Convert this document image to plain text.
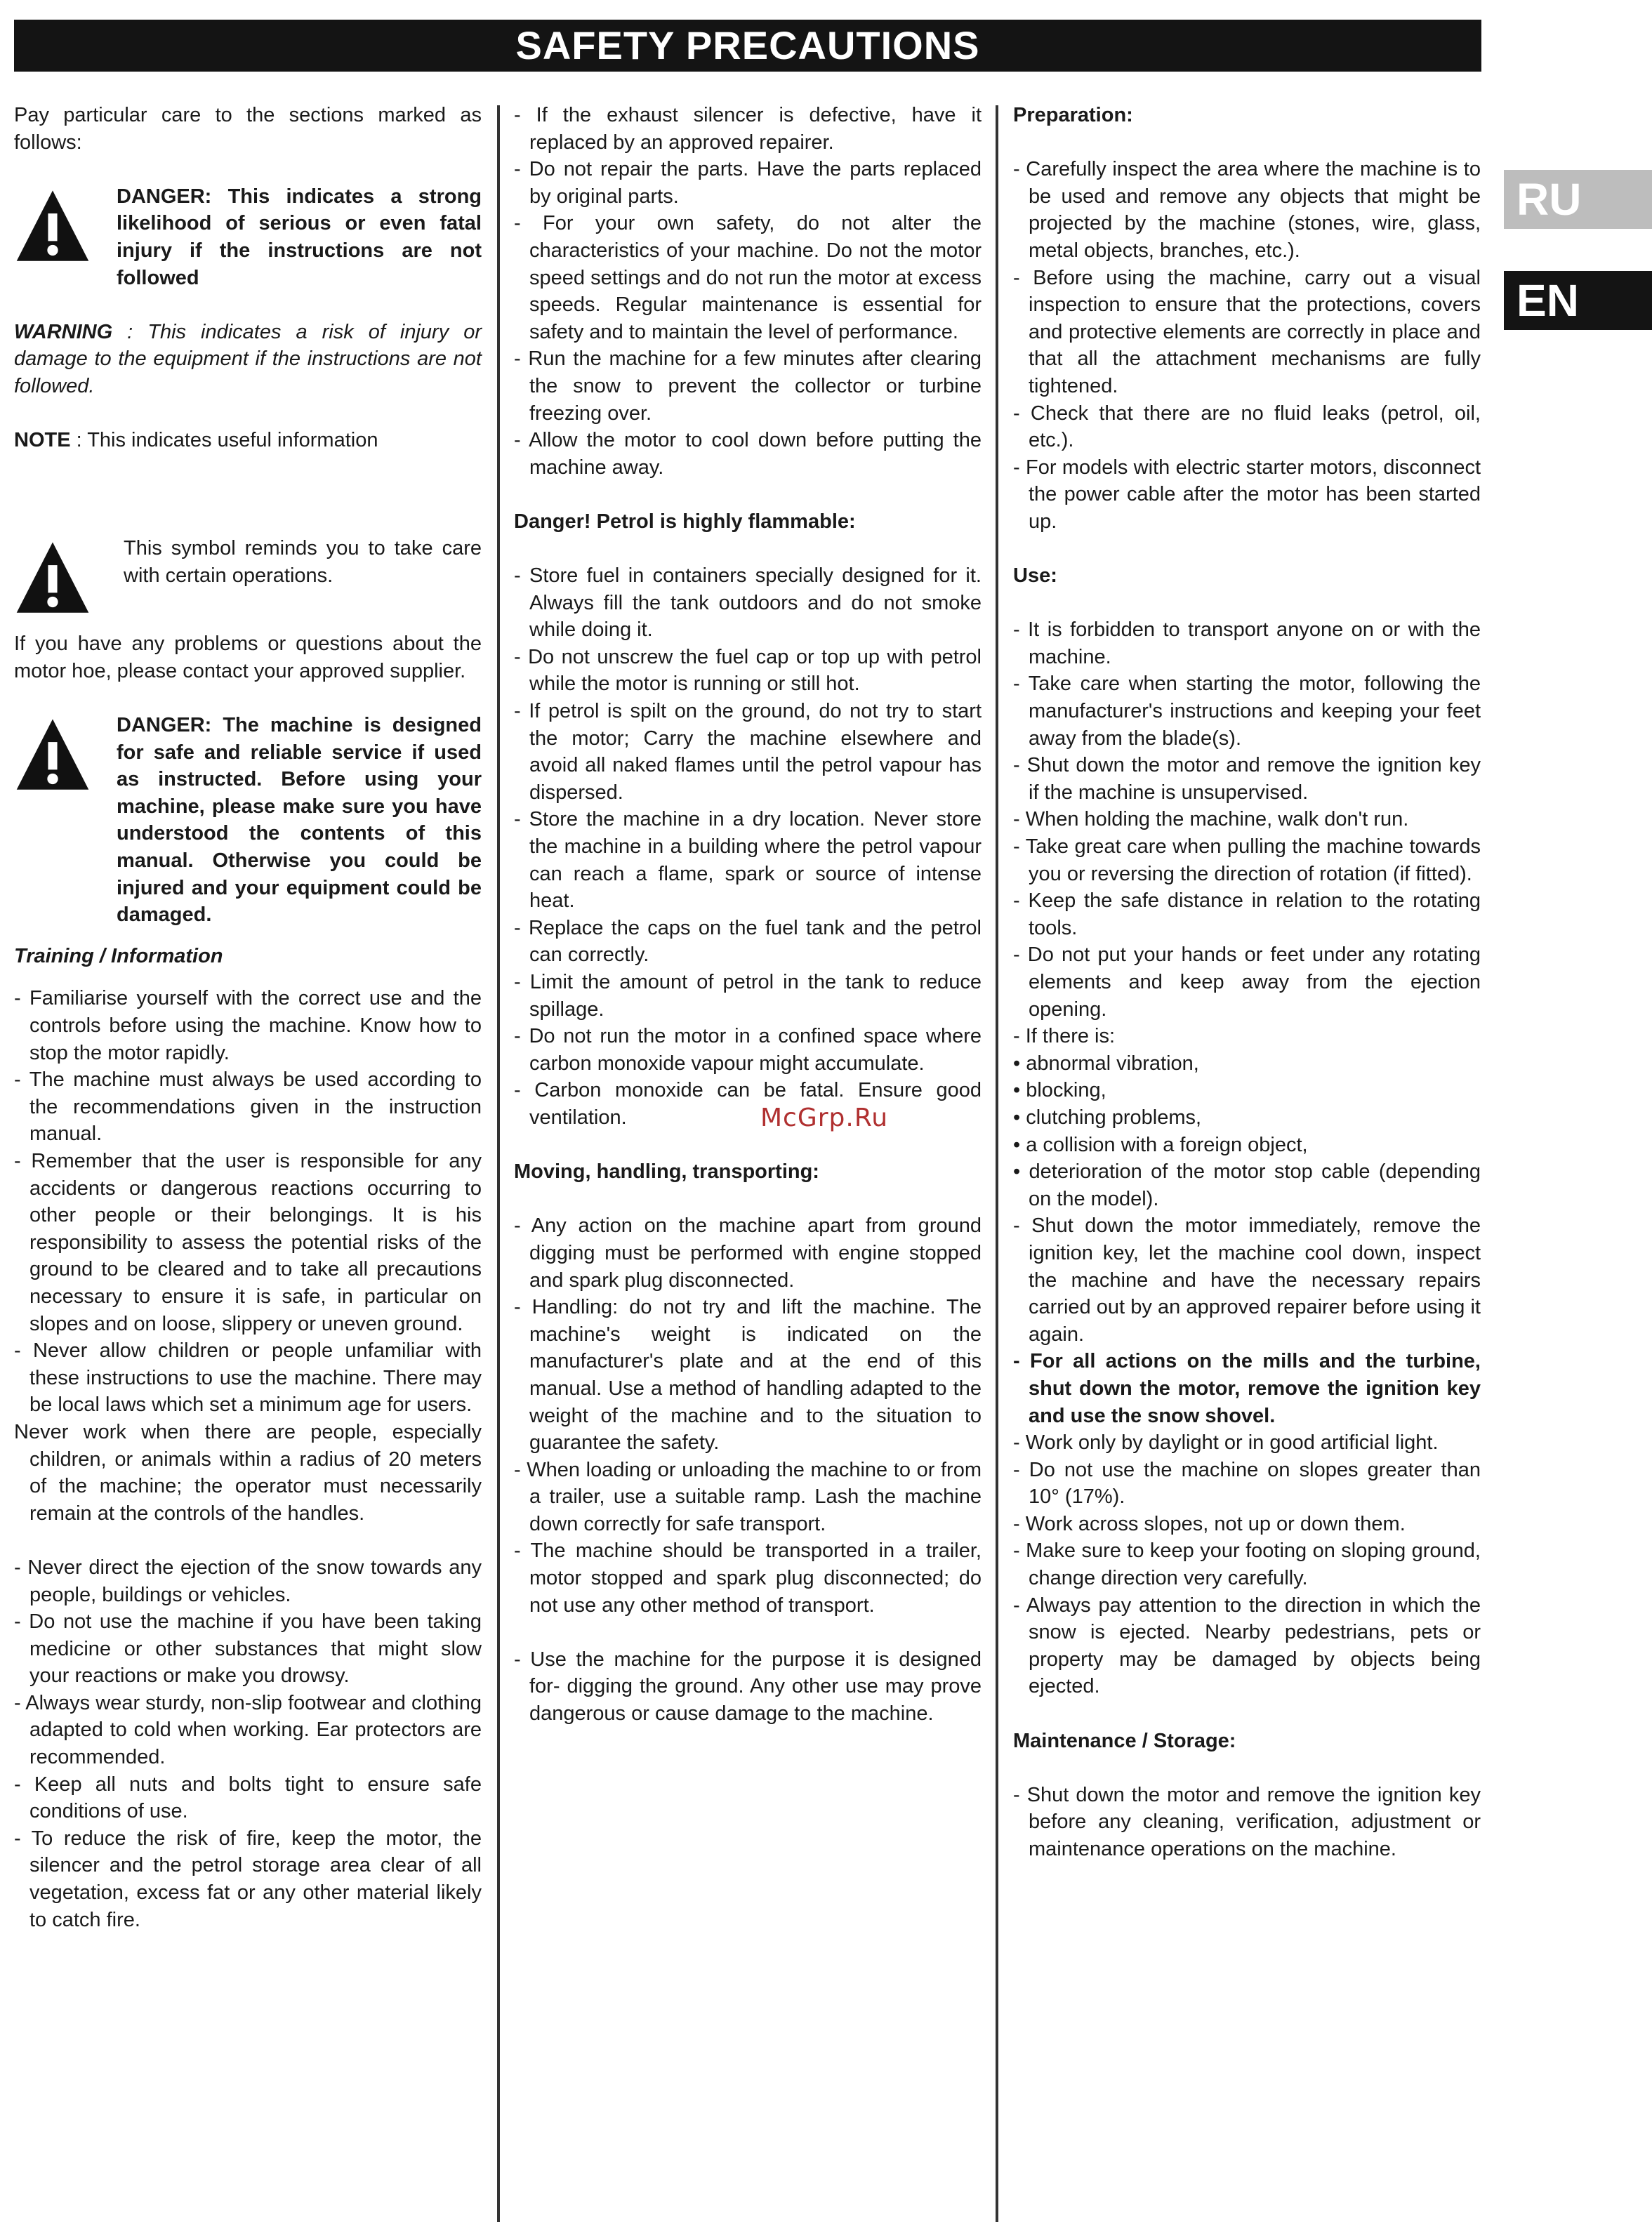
SAFETY PRECAUTIONS
RU
EN

Pay particular care to the sections marked as follows:

DANGER: This indicates a strong likelihood of serious or even fatal injury if the instructions are not followed

WARNING : This indicates a risk of injury or damage to the equipment if the instructions are not followed.

NOTE : This indicates useful information

This symbol reminds you to take care with certain operations.

If you have any problems or questions about the motor hoe, please contact your approved supplier.

DANGER: The machine is designed for safe and reliable service if used as instructed. Before using your machine, please make sure you have understood the contents of this manual. Otherwise you could be injured and your equipment could be damaged.

Training / Information

- Familiarise yourself with the correct use and the controls before using the machine. Know how to stop the motor rapidly.

- The machine must always be used according to the recommendations given in the instruction manual.

- Remember that the user is responsible for any accidents or dangerous reactions occurring to other people or their belongings. It is his responsibility to assess the potential risks of the ground to be cleared and to take all precautions necessary to ensure it is safe, in particular on slopes and on loose, slippery or uneven ground.

- Never allow children or people unfamiliar with these instructions to use the machine. There may be local laws which set a minimum age for users.

Never work when there are people, especially children, or animals within a radius of 20 meters of the machine; the operator must necessarily remain at the controls of the handles.

- Never direct the ejection of the snow towards any people, buildings or vehicles.

- Do not use the machine if you have been taking medicine or other substances that might slow your reactions or make you drowsy.

- Always wear sturdy, non-slip footwear and clothing adapted to cold when working. Ear protectors are recommended.

- Keep all nuts and bolts tight to ensure safe conditions of use.

- To reduce the risk of fire, keep the motor, the silencer and the petrol storage area clear of all vegetation, excess fat or any other material likely to catch fire.

- If the exhaust silencer is defective, have it replaced by an approved repairer.

- Do not repair the parts. Have the parts replaced by original parts.

- For your own safety, do not alter the characteristics of your machine. Do not the motor speed settings and do not run the motor at excess speeds. Regular maintenance is essential for safety and to maintain the level of performance.

- Run the machine for a few minutes after clearing the snow to prevent the collector or turbine freezing over.

- Allow the motor to cool down before putting the machine away.

Danger! Petrol is highly flammable:

- Store fuel in containers specially designed for it. Always fill the tank outdoors and do not smoke while doing it.

- Do not unscrew the fuel cap or top up with petrol while the motor is running or still hot.

- If petrol is spilt on the ground, do not try to start the motor; Carry the machine elsewhere and avoid all naked flames until the petrol vapour has dispersed.

- Store the machine in a dry location. Never store the machine in a building where the petrol vapour can reach a flame, spark or source of intense heat.

- Replace the caps on the fuel tank and the petrol can correctly.

- Limit the amount of petrol in the tank to reduce spillage.

- Do not run the motor in a confined space where carbon monoxide vapour might accumulate.

- Carbon monoxide can be fatal. Ensure good ventilation.

Moving, handling, transporting:

- Any action on the machine apart from ground digging must be performed with engine stopped and spark plug disconnected.

- Handling: do not try and lift the machine. The machine's weight is indicated on the manufacturer's plate and at the end of this manual. Use a method of handling adapted to the weight of the machine and to the situation to guarantee the safety.

- When loading or unloading the machine to or from a trailer, use a suitable ramp. Lash the machine down correctly for safe transport.

- The machine should be transported in a trailer, motor stopped and spark plug disconnected; do not use any other method of transport.

- Use the machine for the purpose it is designed for- digging the ground. Any other use may prove dangerous or cause damage to the machine.

Preparation:

- Carefully inspect the area where the machine is to be used and remove any objects that might be projected by the machine (stones, wire, glass, metal objects, branches, etc.).

- Before using the machine, carry out a visual inspection to ensure that the protections, covers and protective elements are correctly in place and that all the attachment mechanisms are fully tightened.

- Check that there are no fluid leaks (petrol, oil, etc.).

- For models with electric starter motors, disconnect the power cable after the motor has been started up.

Use:

- It is forbidden to transport anyone on or with the machine.

- Take care when starting the motor, following the manufacturer's instructions and keeping your feet away from the blade(s).

- Shut down the motor and remove the ignition key if the machine is unsupervised.

- When holding the machine, walk don't run.

- Take great care when pulling the machine towards you or reversing the direction of rotation (if fitted).

- Keep the safe distance in relation to the rotating tools.

- Do not put your hands or feet under any rotating elements and keep away from the ejection opening.

- If there is:

• abnormal vibration,

• blocking,

• clutching problems,

• a collision with a foreign object,

• deterioration of the motor stop cable (depending on the model).

- Shut down the motor immediately, remove the ignition key, let the machine cool down, inspect the machine and have the necessary repairs carried out by an approved repairer before using it again.

- For all actions on the mills and the turbine, shut down the motor, remove the ignition key and use the snow shovel.

- Work only by daylight or in good artificial light.

- Do not use the machine on slopes greater than 10° (17%).

- Work across slopes, not up or down them.

- Make sure to keep your footing on sloping ground, change direction very carefully.

- Always pay attention to the direction in which the snow is ejected. Nearby pedestrians, pets or property may be damaged by objects being ejected.

Maintenance / Storage:

- Shut down the motor and remove the ignition key before any cleaning, verification, adjustment or maintenance operations on the machine.

McGrp.Ru
